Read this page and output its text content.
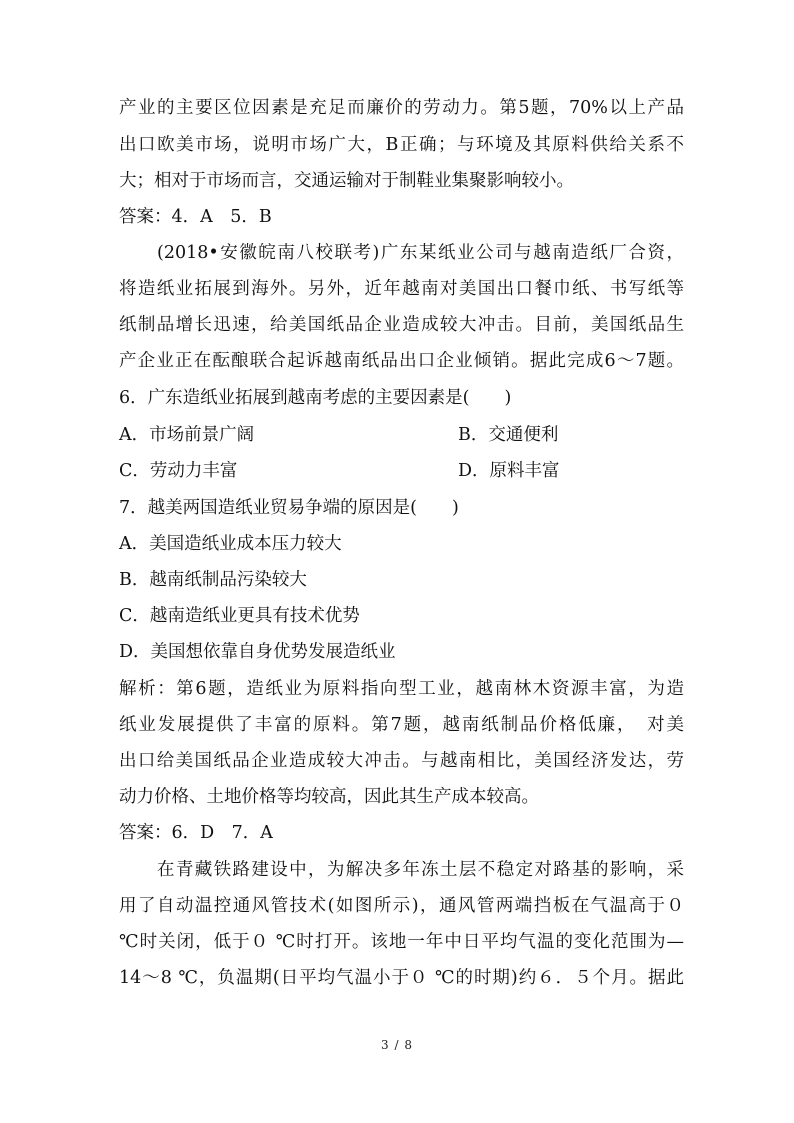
产业的主要区位因素是充足而廉价的劳动力。第5题，70%以上产品
出口欧美市场，说明市场广大，B正确；与环境及其原料供给关系不
大；相对于市场而言，交通运输对于制鞋业集聚影响较小。
答案：4．A　5．B
(2018•安徽皖南八校联考)广东某纸业公司与越南造纸厂合资，
将造纸业拓展到海外。另外，近年越南对美国出口餐巾纸、书写纸等
纸制品增长迅速，给美国纸品企业造成较大冲击。目前，美国纸品生
产企业正在酝酿联合起诉越南纸品出口企业倾销。据此完成6～7题。
6．广东造纸业拓展到越南考虑的主要因素是(　　)
A．市场前景广阔	B．交通便利
C．劳动力丰富	D．原料丰富
7．越美两国造纸业贸易争端的原因是(　　)
A．美国造纸业成本压力较大
B．越南纸制品污染较大
C．越南造纸业更具有技术优势
D．美国想依靠自身优势发展造纸业
解析：第6题，造纸业为原料指向型工业，越南林木资源丰富，为造
纸业发展提供了丰富的原料。第7题，越南纸制品价格低廉，　对美
出口给美国纸品企业造成较大冲击。与越南相比，美国经济发达，劳
动力价格、土地价格等均较高，因此其生产成本较高。
答案：6．D　7．A
在青藏铁路建设中，为解决多年冻土层不稳定对路基的影响，采
用了自动温控通风管技术(如图所示)，通风管两端挡板在气温高于０
℃时关闭，低于０ ℃时打开。该地一年中日平均气温的变化范围为—
14～8 ℃，负温期(日平均气温小于０ ℃的时期)约６．５个月。据此
3 / 8
